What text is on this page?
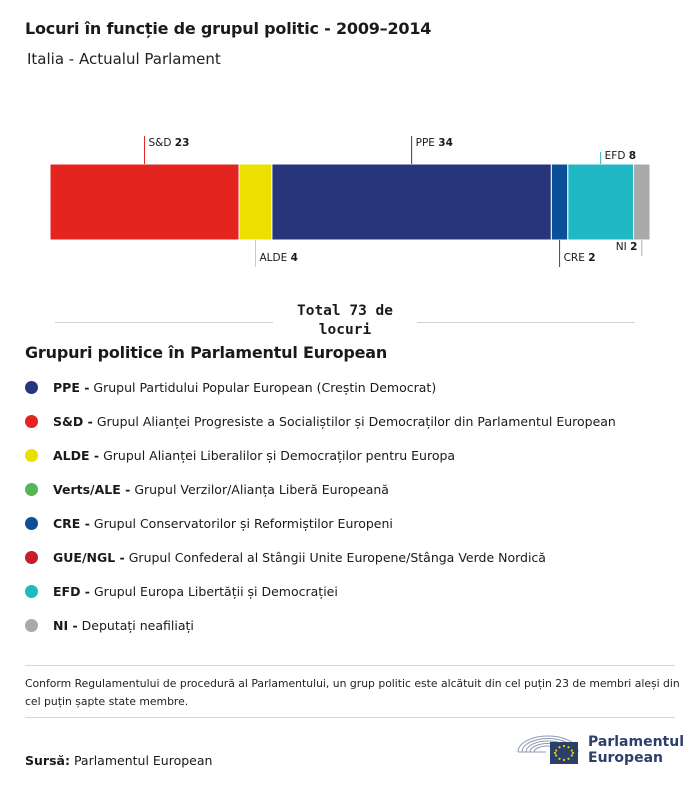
Locuri în funcție de grupul politic - 2009–2014
Italia - Actualul Parlament
S&D 23
ALDE 4
PPE 34
CRE 2
EFD 8
NI 2
Total 73 de locuri
Grupuri politice în Parlamentul European
PPE - Grupul Partidului Popular European (Creștin Democrat)
S&D - Grupul Alianței Progresiste a Socialiștilor și Democraților din Parlamentul European
ALDE - Grupul Alianței Liberalilor și Democraților pentru Europa
Verts/ALE - Grupul Verzilor/Alianța Liberă Europeană
CRE - Grupul Conservatorilor și Reformiștilor Europeni
GUE/NGL - Grupul Confederal al Stângii Unite Europene/Stânga Verde Nordică
EFD - Grupul Europa Libertății și Democrației
NI - Deputați neafiliați
Conform Regulamentului de procedură al Parlamentului, un grup politic este alcătuit din cel puțin 23 de membri aleși din cel puțin șapte state membre.
Sursă: Parlamentul European
Parlamentul
European
